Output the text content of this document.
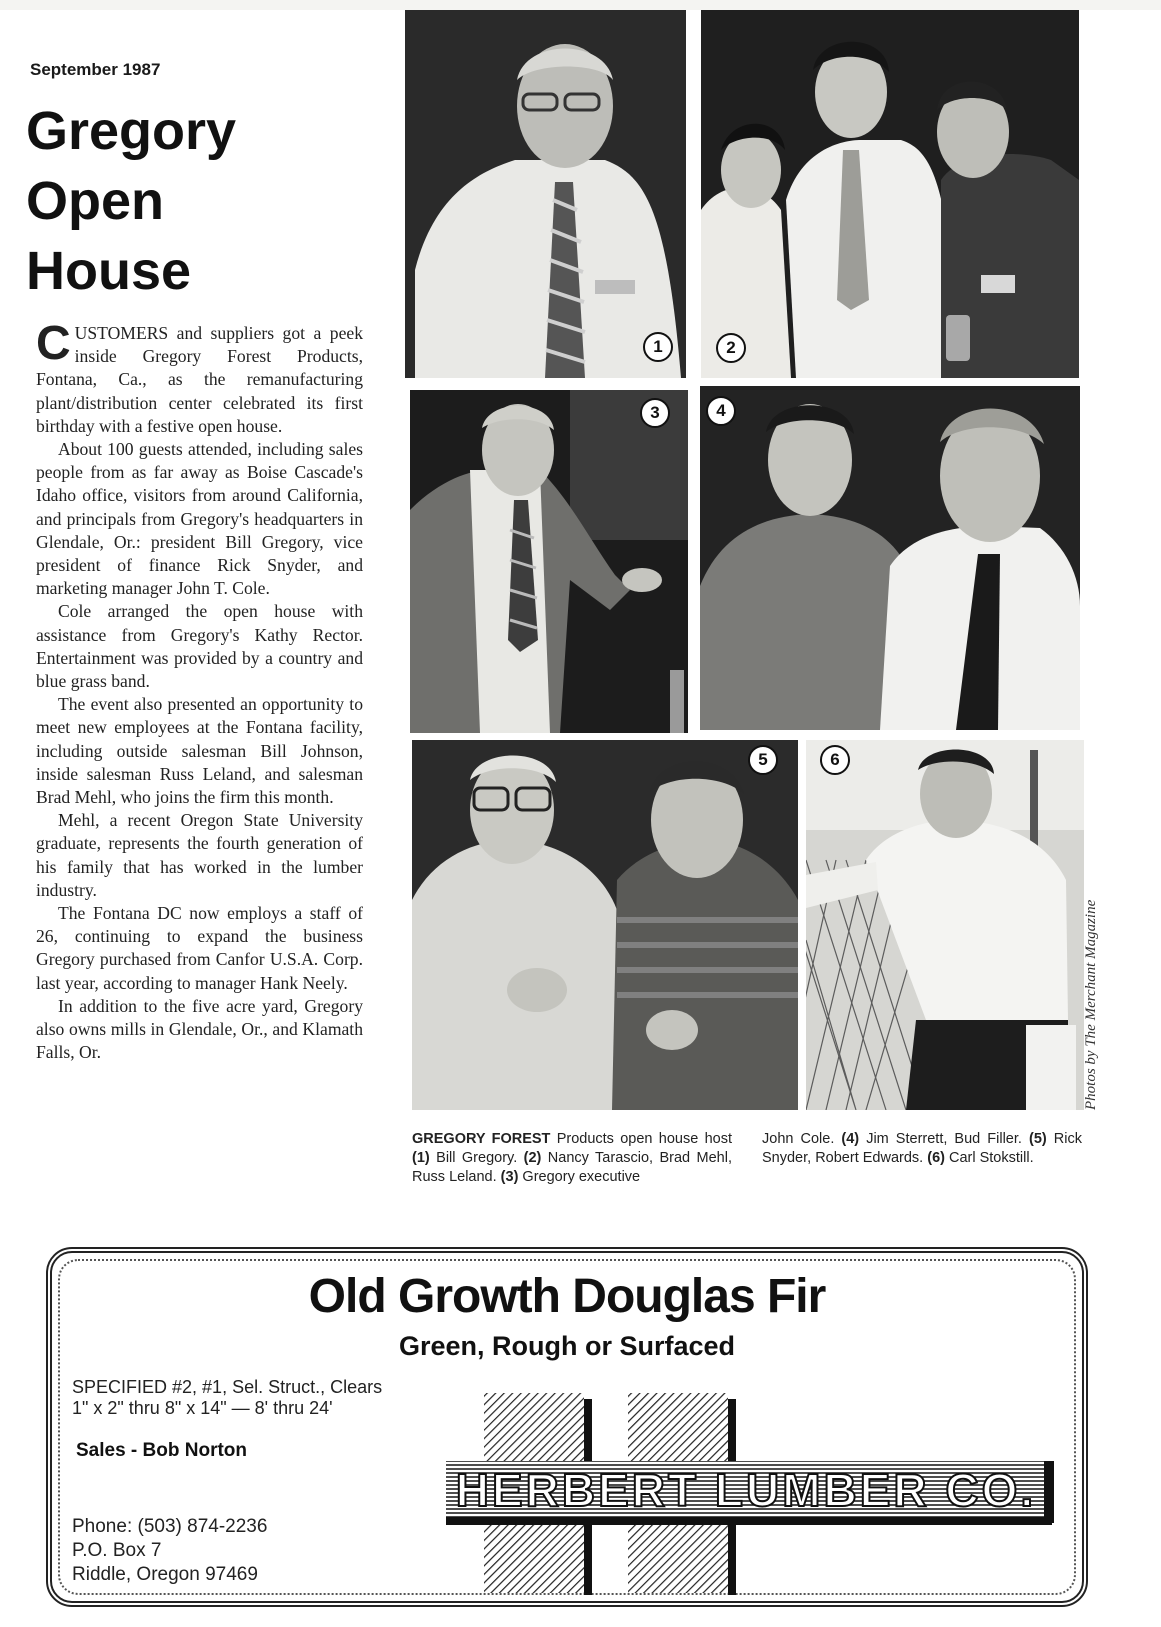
September 1987
Gregory
Open
House

CUSTOMERS and suppliers got a peek inside Gregory Forest Products, Fontana, Ca., as the remanufacturing plant/distribution center celebrated its first birthday with a festive open house.

About 100 guests attended, including sales people from as far away as Boise Cascade's Idaho office, visitors from around California, and principals from Gregory's headquarters in Glendale, Or.: president Bill Gregory, vice president of finance Rick Snyder, and marketing manager John T. Cole.

Cole arranged the open house with assistance from Gregory's Kathy Rector. Entertainment was provided by a country and blue grass band.

The event also presented an opportunity to meet new employees at the Fontana facility, including outside salesman Bill Johnson, inside salesman Russ Leland, and salesman Brad Mehl, who joins the firm this month.

Mehl, a recent Oregon State University graduate, represents the fourth generation of his family that has worked in the lumber industry.

The Fontana DC now employs a staff of 26, continuing to expand the business Gregory purchased from Canfor U.S.A. Corp. last year, according to manager Hank Neely.

In addition to the five acre yard, Gregory also owns mills in Glendale, Or., and Klamath Falls, Or.

1	2
3	4
5	6
Photos by The Merchant Magazine
GREGORY FOREST Products open house host (1) Bill Gregory. (2) Nancy Tarascio, Brad Mehl, Russ Leland. (3) Gregory executive
John Cole. (4) Jim Sterrett, Bud Filler. (5) Rick Snyder, Robert Edwards. (6) Carl Stokstill.
Old Growth Douglas Fir
Green, Rough or Surfaced
SPECIFIED #2, #1, Sel. Struct., Clears
1" x 2" thru 8" x 14" — 8' thru 24'
Sales - Bob Norton
Phone: (503) 874-2236
P.O. Box 7
Riddle, Oregon 97469
HERBERT LUMBER CO.
